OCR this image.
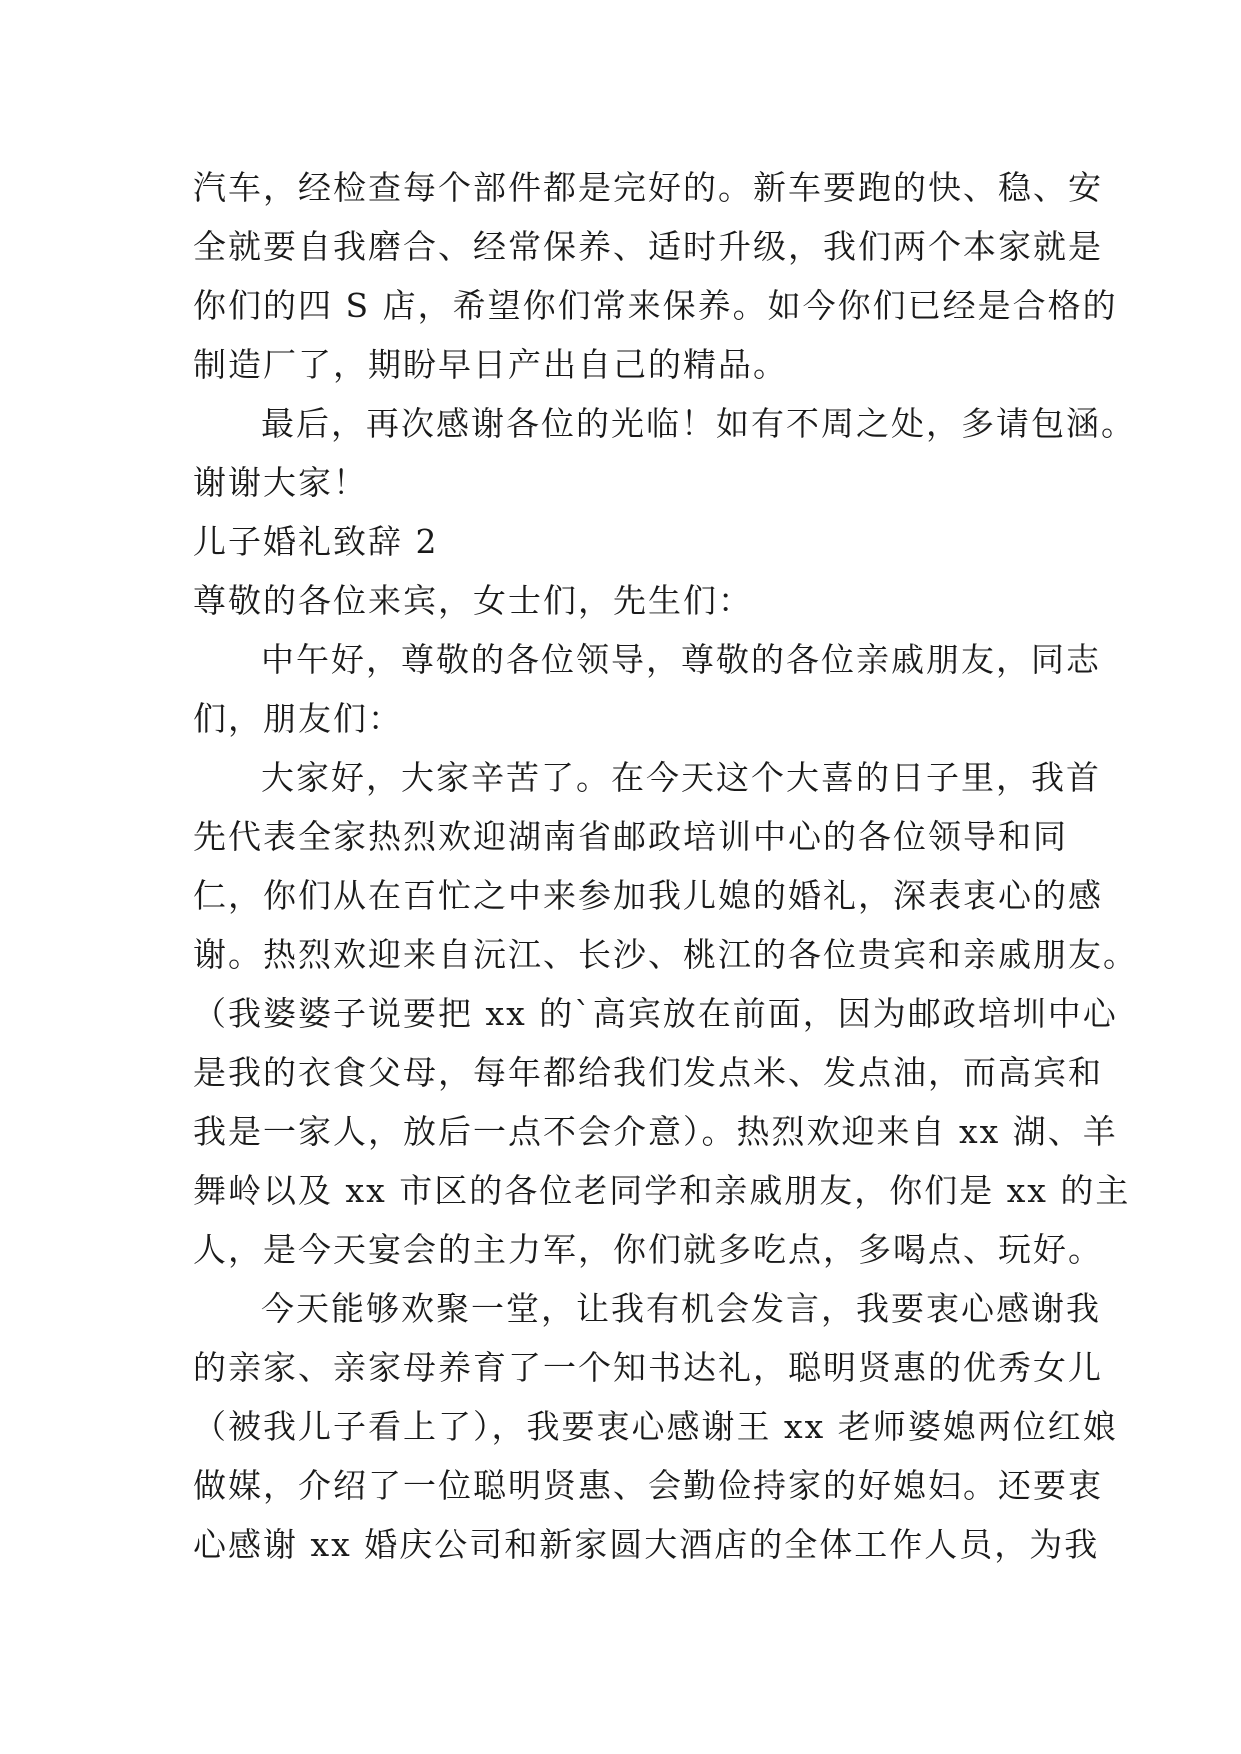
汽车，经检查每个部件都是完好的。新车要跑的快、稳、安
全就要自我磨合、经常保养、适时升级，我们两个本家就是
你们的四 S 店，希望你们常来保养。如今你们已经是合格的
制造厂了，期盼早日产出自己的精品。
最后，再次感谢各位的光临！如有不周之处，多请包涵。
谢谢大家！
儿子婚礼致辞 2
尊敬的各位来宾，女士们，先生们：
中午好，尊敬的各位领导，尊敬的各位亲戚朋友，同志
们，朋友们：
大家好，大家辛苦了。在今天这个大喜的日子里，我首
先代表全家热烈欢迎湖南省邮政培训中心的各位领导和同
仁，你们从在百忙之中来参加我儿媳的婚礼，深表衷心的感
谢。热烈欢迎来自沅江、长沙、桃江的各位贵宾和亲戚朋友。
（我婆婆子说要把 xx 的`高宾放在前面，因为邮政培圳中心
是我的衣食父母，每年都给我们发点米、发点油，而高宾和
我是一家人，放后一点不会介意）。热烈欢迎来自 xx 湖、羊
舞岭以及 xx 市区的各位老同学和亲戚朋友，你们是 xx 的主
人，是今天宴会的主力军，你们就多吃点，多喝点、玩好。
今天能够欢聚一堂，让我有机会发言，我要衷心感谢我
的亲家、亲家母养育了一个知书达礼，聪明贤惠的优秀女儿
（被我儿子看上了），我要衷心感谢王 xx 老师婆媳两位红娘
做媒，介绍了一位聪明贤惠、会勤俭持家的好媳妇。还要衷
心感谢 xx 婚庆公司和新家圆大酒店的全体工作人员，为我
